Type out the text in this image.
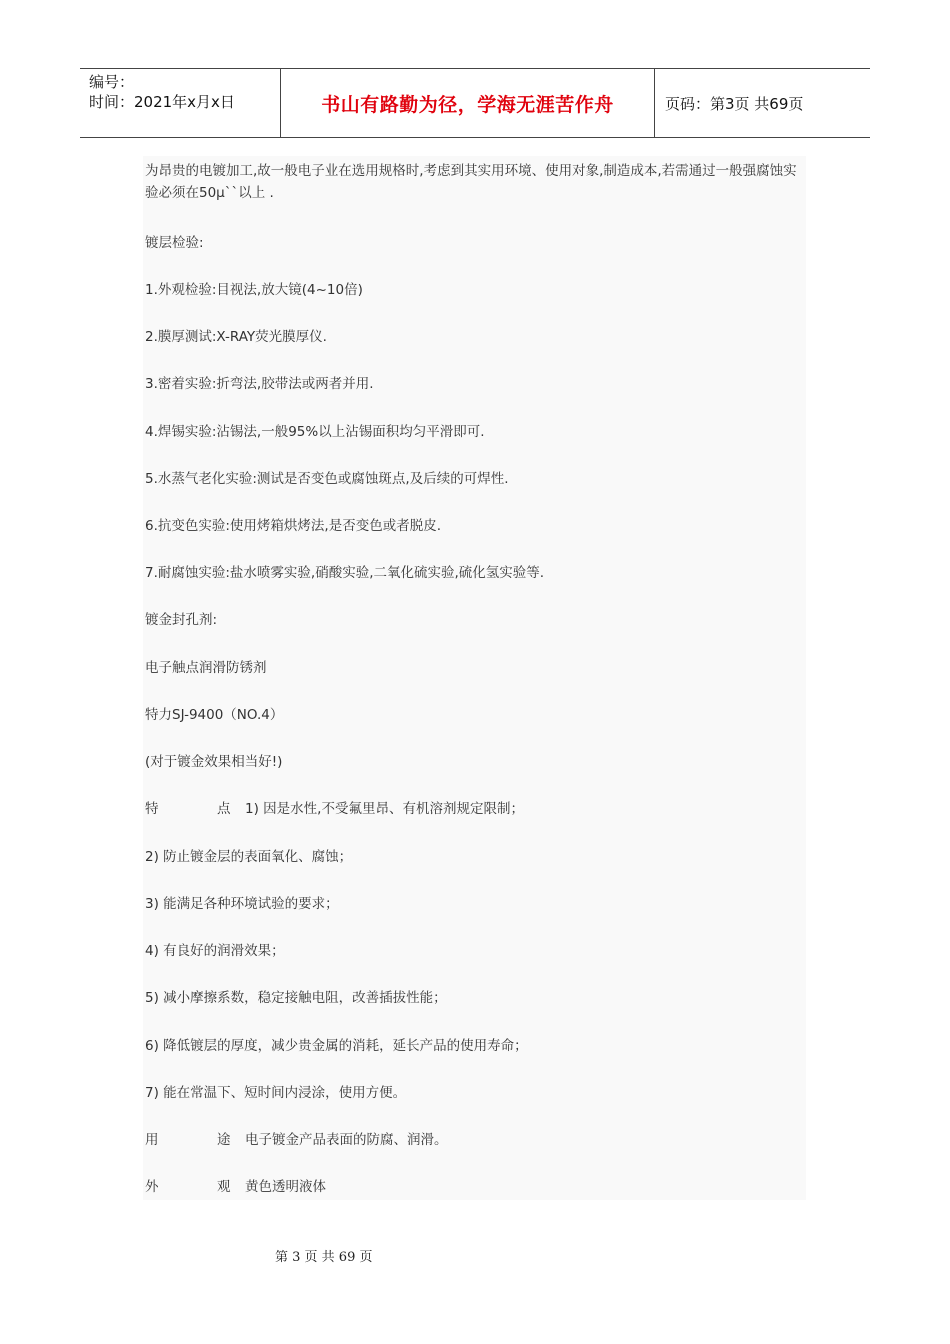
编号：
时间：2021年x月x日	书山有路勤为径，学海无涯苦作舟	页码：第3页 共69页

为昂贵的电镀加工,故一般电子业在选用规格时,考虑到其实用环境、使用对象,制造成本,若需通过一般强腐蚀实验必须在50μ``以上 .

镀层检验:

1.外观检验:目视法,放大镜(4~10倍)

2.膜厚测试:X-RAY荧光膜厚仪.

3.密着实验:折弯法,胶带法或两者并用.

4.焊锡实验:沾锡法,一般95%以上沾锡面积均匀平滑即可.

5.水蒸气老化实验:测试是否变色或腐蚀斑点,及后续的可焊性.

6.抗变色实验:使用烤箱烘烤法,是否变色或者脱皮.

7.耐腐蚀实验:盐水喷雾实验,硝酸实验,二氧化硫实验,硫化氢实验等.

镀金封孔剂:

电子触点润滑防锈剂

特力SJ-9400（NO.4）

(对于镀金效果相当好!)

特	点 1) 因是水性,不受氟里昂、有机溶剂规定限制；

2) 防止镀金层的表面氧化、腐蚀；

3) 能满足各种环境试验的要求；

4) 有良好的润滑效果；

5) 减小摩擦系数，稳定接触电阻，改善插拔性能；

6) 降低镀层的厚度，减少贵金属的消耗，延长产品的使用寿命；

7) 能在常温下、短时间内浸涂，使用方便。

用	途 电子镀金产品表面的防腐、润滑。

外	观 黄色透明液体

第 3 页 共 69 页
